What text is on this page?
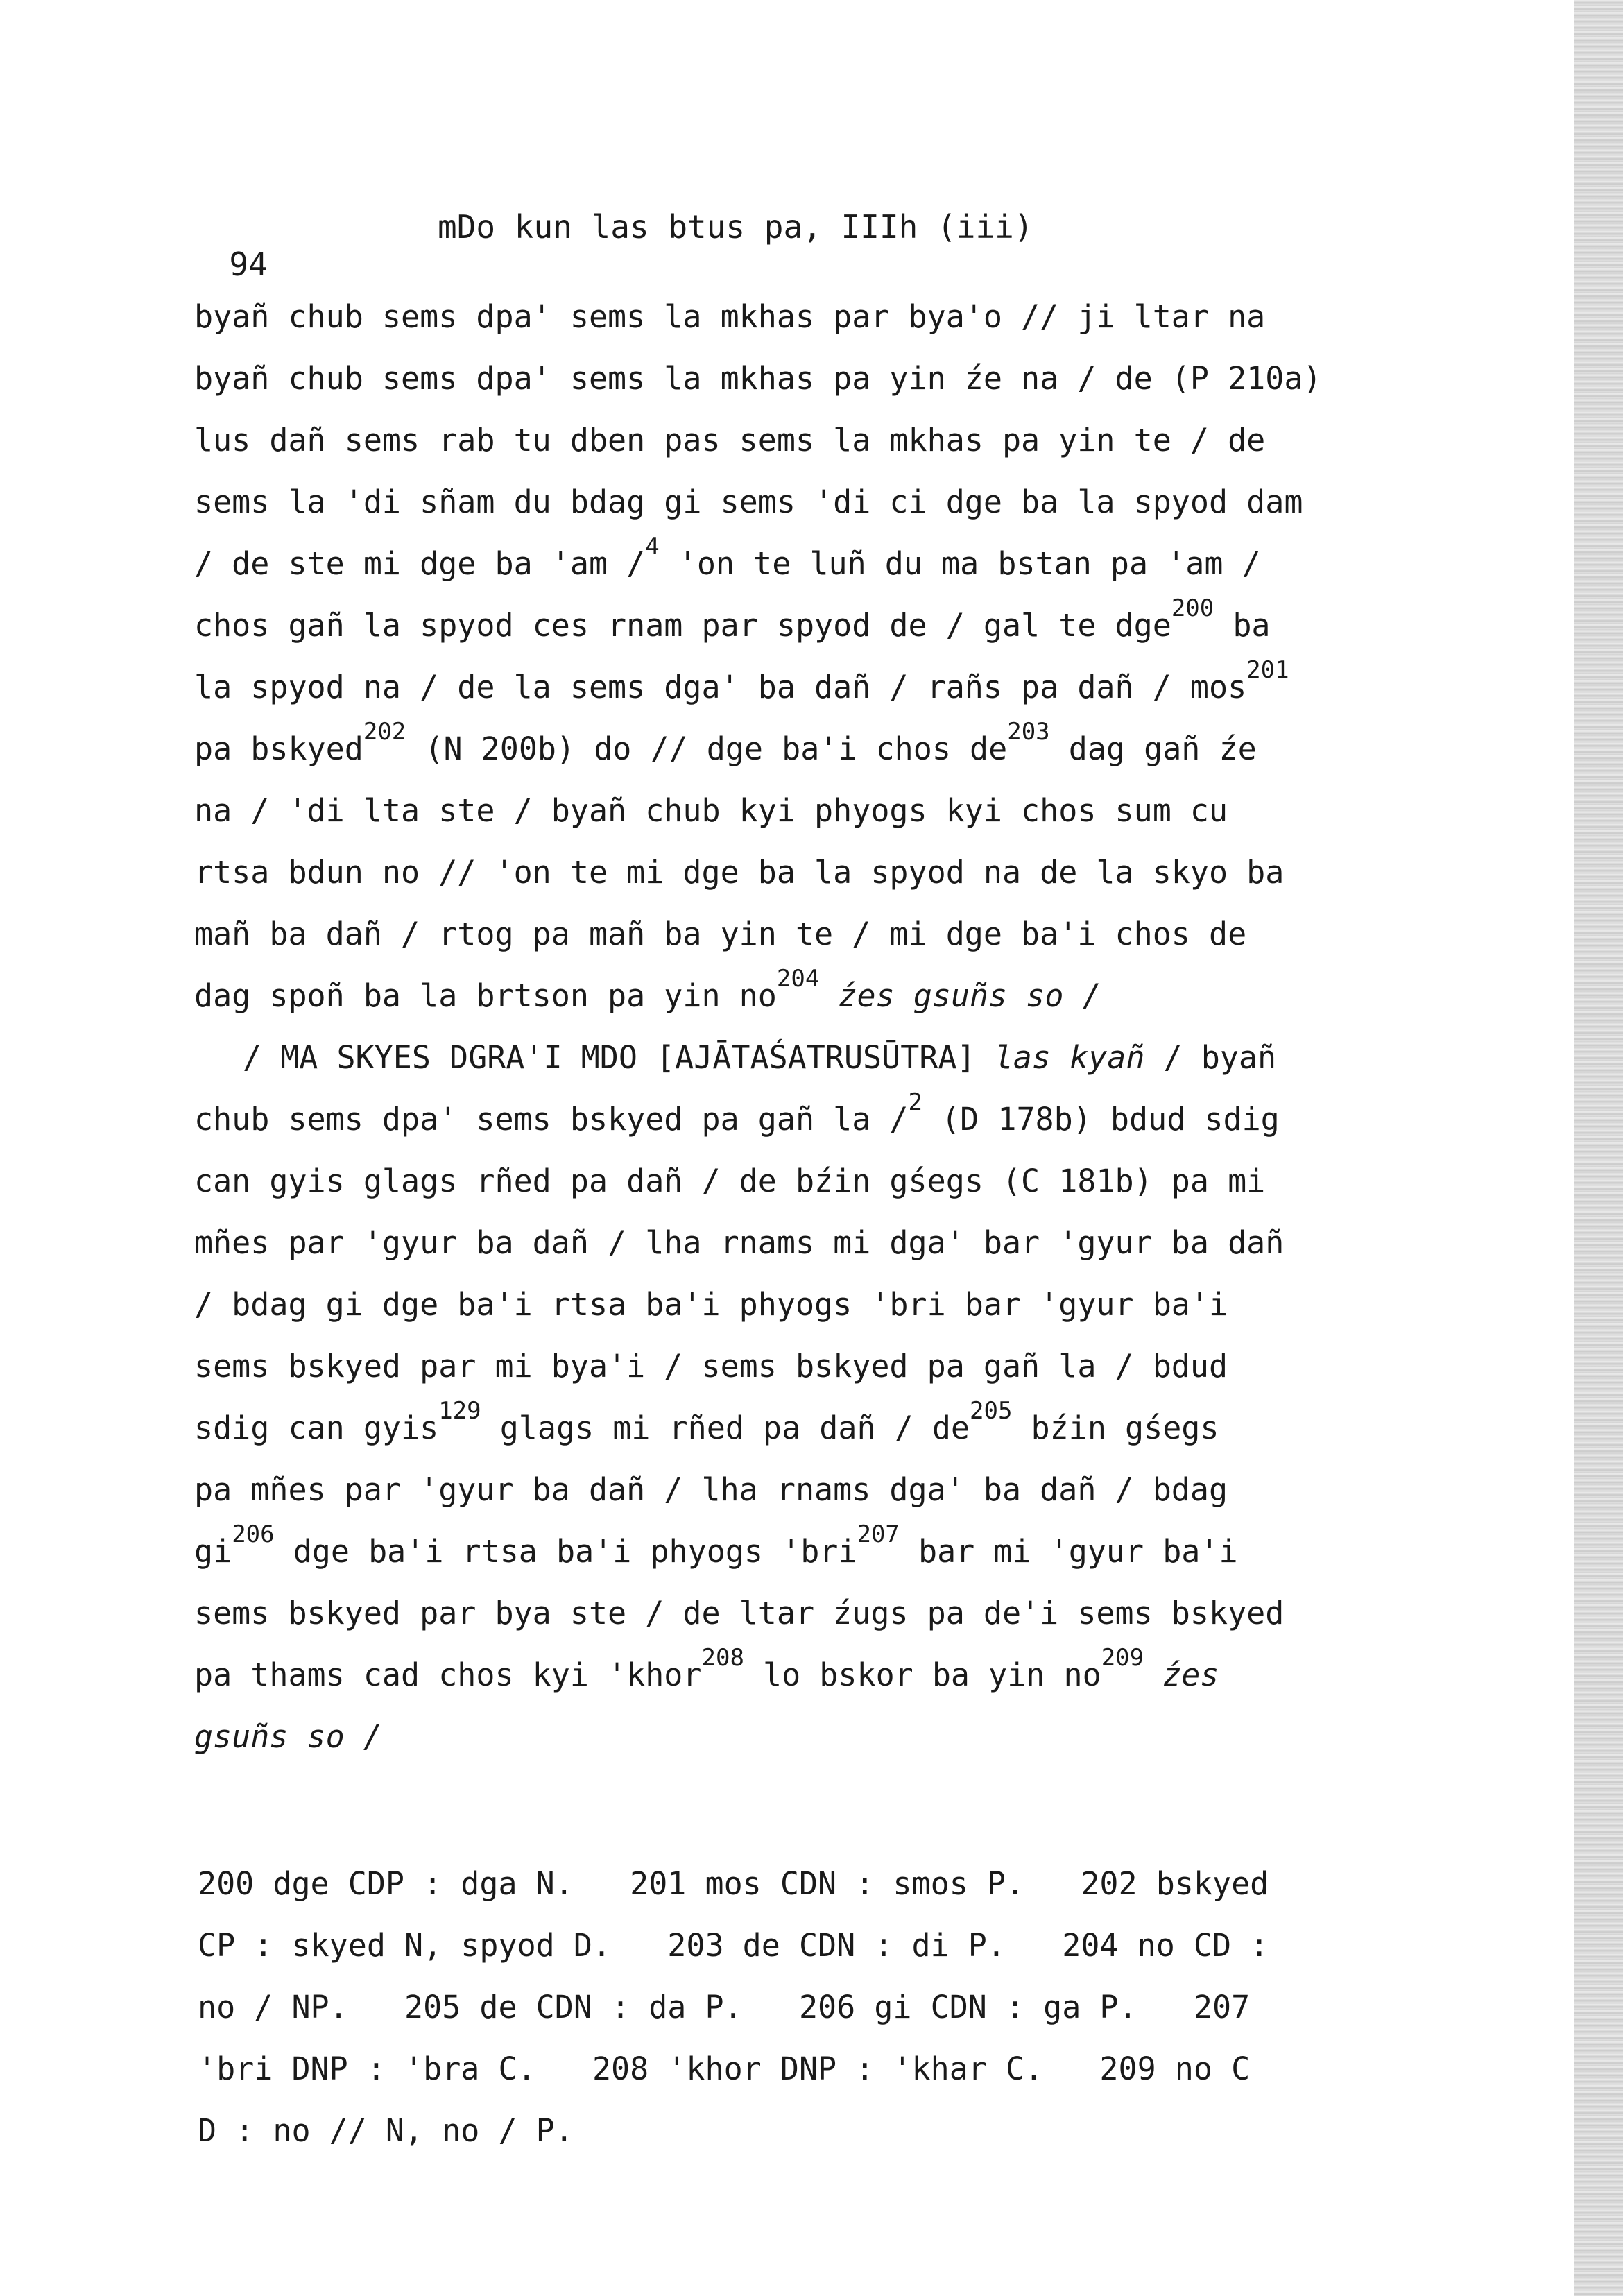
94

mDo kun las btus pa, IIIh (iii)

byañ chub sems dpa' sems la mkhas par bya'o // ji ltar na
byañ chub sems dpa' sems la mkhas pa yin źe na / de (P 210a)
lus dañ sems rab tu dben pas sems la mkhas pa yin te / de
sems la 'di sñam du bdag gi sems 'di ci dge ba la spyod dam
/ de ste mi dge ba 'am /$^4$ 'on te luñ du ma bstan pa 'am /
chos gañ la spyod ces rnam par spyod de / gal te dge$^{200}$ ba
la spyod na / de la sems dga' ba dañ / rañs pa dañ / mos$^{201}$
pa bskyed$^{202}$ (N 200b) do // dge ba'i chos $de^{203}$ dag gañ źe
na / 'di lta ste / byañ chub kyi phyogs kyi chos sum cu
rtsa bdun no // 'on te mi dge ba la spyod na de la skyo ba
mañ ba dañ / rtog pa mañ ba yin te / mi dge ba'i chos de
dag spoñ ba la brtson pa yin $no^{204}$ źes gsuñs so /
/ MA SKYES DGRA'I MDO [AJĀTAŚATRUSŪTRA] las kyañ / byañ
chub sems dpa' sems bskyed pa gañ la /$^2$ (D 178b) bdud sdig
can gyis glags rñed pa dañ / de bźin gśegs (C 181b) pa mi
mñes par 'gyur ba dañ / lha rnams mi dga' bar 'gyur ba dañ
/ bdag gi dge ba'i rtsa ba'i phyogs 'bri bar 'gyur ba'i
sems bskyed par mi bya'i / sems bskyed pa gañ la / bdud
sdig can gyis$^{129}$ glags mi rñed pa dañ / $de^{205}$ bźin gśegs
pa mñes par 'gyur ba dañ / lha rnams dga' ba dañ / bdag
$gi^{206}$ dge ba'i rtsa ba'i phyogs 'bri$^{207}$ bar mi 'gyur ba'i
sems bskyed par bya ste / de ltar źugs pa de'i sems bskyed
pa thams cad chos kyi 'khor$^{208}$ lo bskor ba yin $no^{209}$ źes
gsuñs so /
200 dge CDP : dga N.   201 mos CDN : smos P.   202 bskyed
CP : skyed N, spyod D.   203 de CDN : di P.   204 no CD :
no / NP.   205 de CDN : da P.   206 gi CDN : ga P.   207
'bri DNP : 'bra C.   208 'khor DNP : 'khar C.   209 no C
D : no // N, no / P.
